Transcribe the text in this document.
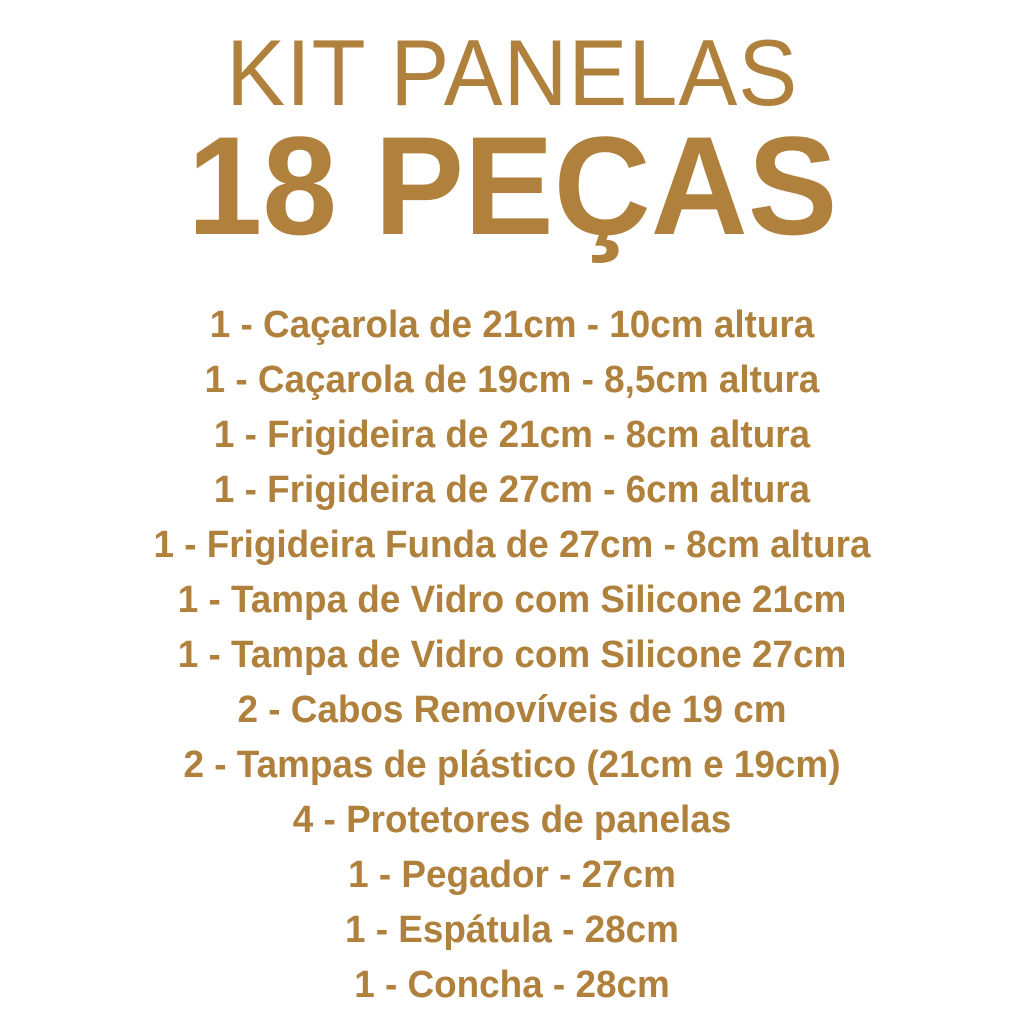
KIT PANELAS
18 PEÇAS
1 - Caçarola de 21cm - 10cm altura
1 - Caçarola de 19cm - 8,5cm altura
1 - Frigideira de 21cm - 8cm altura
1 - Frigideira de 27cm - 6cm altura
1 - Frigideira Funda de 27cm - 8cm altura
1 - Tampa de Vidro com Silicone 21cm
1 - Tampa de Vidro com Silicone 27cm
2 - Cabos Removíveis de 19 cm
2 - Tampas de plástico (21cm e 19cm)
4 - Protetores de panelas
1 - Pegador - 27cm
1 - Espátula - 28cm
1 - Concha - 28cm
